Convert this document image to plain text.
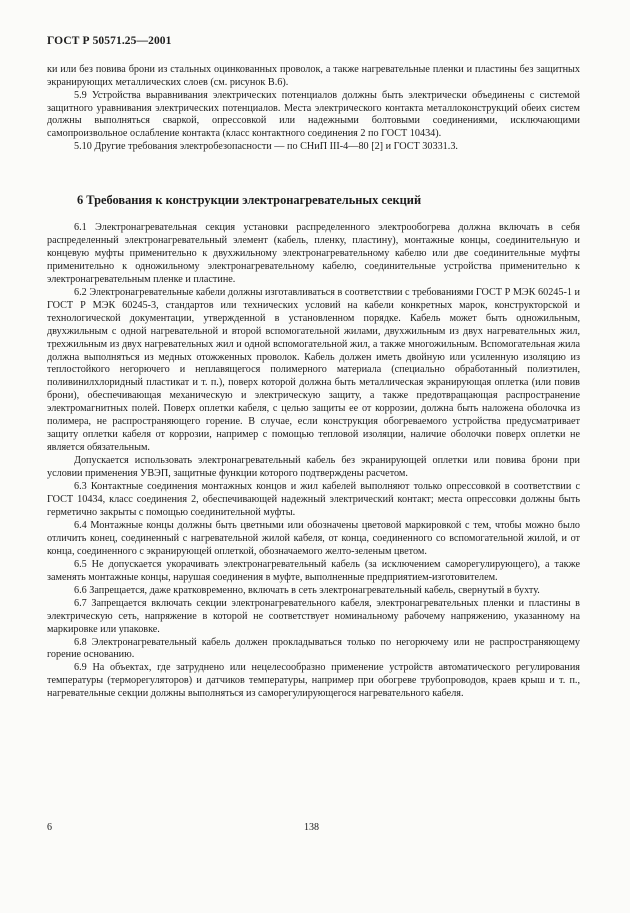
ГОСТ Р 50571.25—2001

ки или без повива брони из стальных оцинкованных проволок, а также нагревательные пленки и пластины без защитных экранирующих металлических слоев (см. рисунок В.6).

5.9 Устройства выравнивания электрических потенциалов должны быть электрически объединены с системой защитного уравнивания электрических потенциалов. Места электрического контакта металлоконструкций обеих систем должны выполняться сваркой, опрессовкой или надежными болтовыми соединениями, исключающими самопроизвольное ослабление контакта (класс контактного соединения 2 по ГОСТ 10434).

5.10 Другие требования электробезопасности — по СНиП III-4—80 [2] и ГОСТ 30331.3.

6 Требования к конструкции электронагревательных секций

6.1 Электронагревательная секция установки распределенного электрообогрева должна включать в себя распределенный электронагревательный элемент (кабель, пленку, пластину), монтажные концы, соединительную и концевую муфты применительно к двухжильному электронагревательному кабелю или две соединительные муфты применительно к одножильному электронагревательному кабелю, соединительные устройства применительно к электронагревательным пленке и пластине.

6.2 Электронагревательные кабели должны изготавливаться в соответствии с требованиями ГОСТ Р МЭК 60245-1 и ГОСТ Р МЭК 60245-3, стандартов или технических условий на кабели конкретных марок, конструкторской и технологической документации, утвержденной в установленном порядке. Кабель может быть одножильным, двухжильным с одной нагревательной и второй вспомогательной жилами, двухжильным из двух нагревательных жил, трехжильным из двух нагревательных жил и одной вспомогательной жил, а также многожильным. Вспомогательная жила должна выполняться из медных отожженных проволок. Кабель должен иметь двойную или усиленную изоляцию из теплостойкого негорючего и неплавящегося полимерного материала (специально обработанный полиэтилен, поливинилхлоридный пластикат и т. п.), поверх которой должна быть металлическая экранирующая оплетка (или повив брони), обеспечивающая механическую и электрическую защиту, а также предотвращающая распространение электромагнитных полей. Поверх оплетки кабеля, с целью защиты ее от коррозии, должна быть наложена оболочка из полимера, не распространяющего горение. В случае, если конструкция обогреваемого устройства предусматривает защиту оплетки кабеля от коррозии, например с помощью тепловой изоляции, наличие оболочки поверх оплетки не является обязательным.

Допускается использовать электронагревательный кабель без экранирующей оплетки или повива брони при условии применения УВЭП, защитные функции которого подтверждены расчетом.

6.3 Контактные соединения монтажных концов и жил кабелей выполняют только опрессовкой в соответствии с ГОСТ 10434, класс соединения 2, обеспечивающей надежный электрический контакт; места опрессовки должны быть герметично закрыты с помощью соединительной муфты.

6.4 Монтажные концы должны быть цветными или обозначены цветовой маркировкой с тем, чтобы можно было отличить конец, соединенный с нагревательной жилой кабеля, от конца, соединенного со вспомогательной жилой, и от конца, соединенного с экранирующей оплеткой, обозначаемого желто-зеленым цветом.

6.5 Не допускается укорачивать электронагревательный кабель (за исключением саморегулирующего), а также заменять монтажные концы, нарушая соединения в муфте, выполненные предприятием-изготовителем.

6.6 Запрещается, даже кратковременно, включать в сеть электронагревательный кабель, свернутый в бухту.

6.7 Запрещается включать секции электронагревательного кабеля, электронагревательных пленки и пластины в электрическую сеть, напряжение в которой не соответствует номинальному рабочему напряжению, указанному на маркировке или упаковке.

6.8 Электронагревательный кабель должен прокладываться только по негорючему или не распространяющему горение основанию.

6.9 На объектах, где затруднено или нецелесообразно применение устройств автоматического регулирования температуры (терморегуляторов) и датчиков температуры, например при обогреве трубопроводов, краев крыш и т. п., нагревательные секции должны выполняться из саморегулирующегося нагревательного кабеля.

6	138
